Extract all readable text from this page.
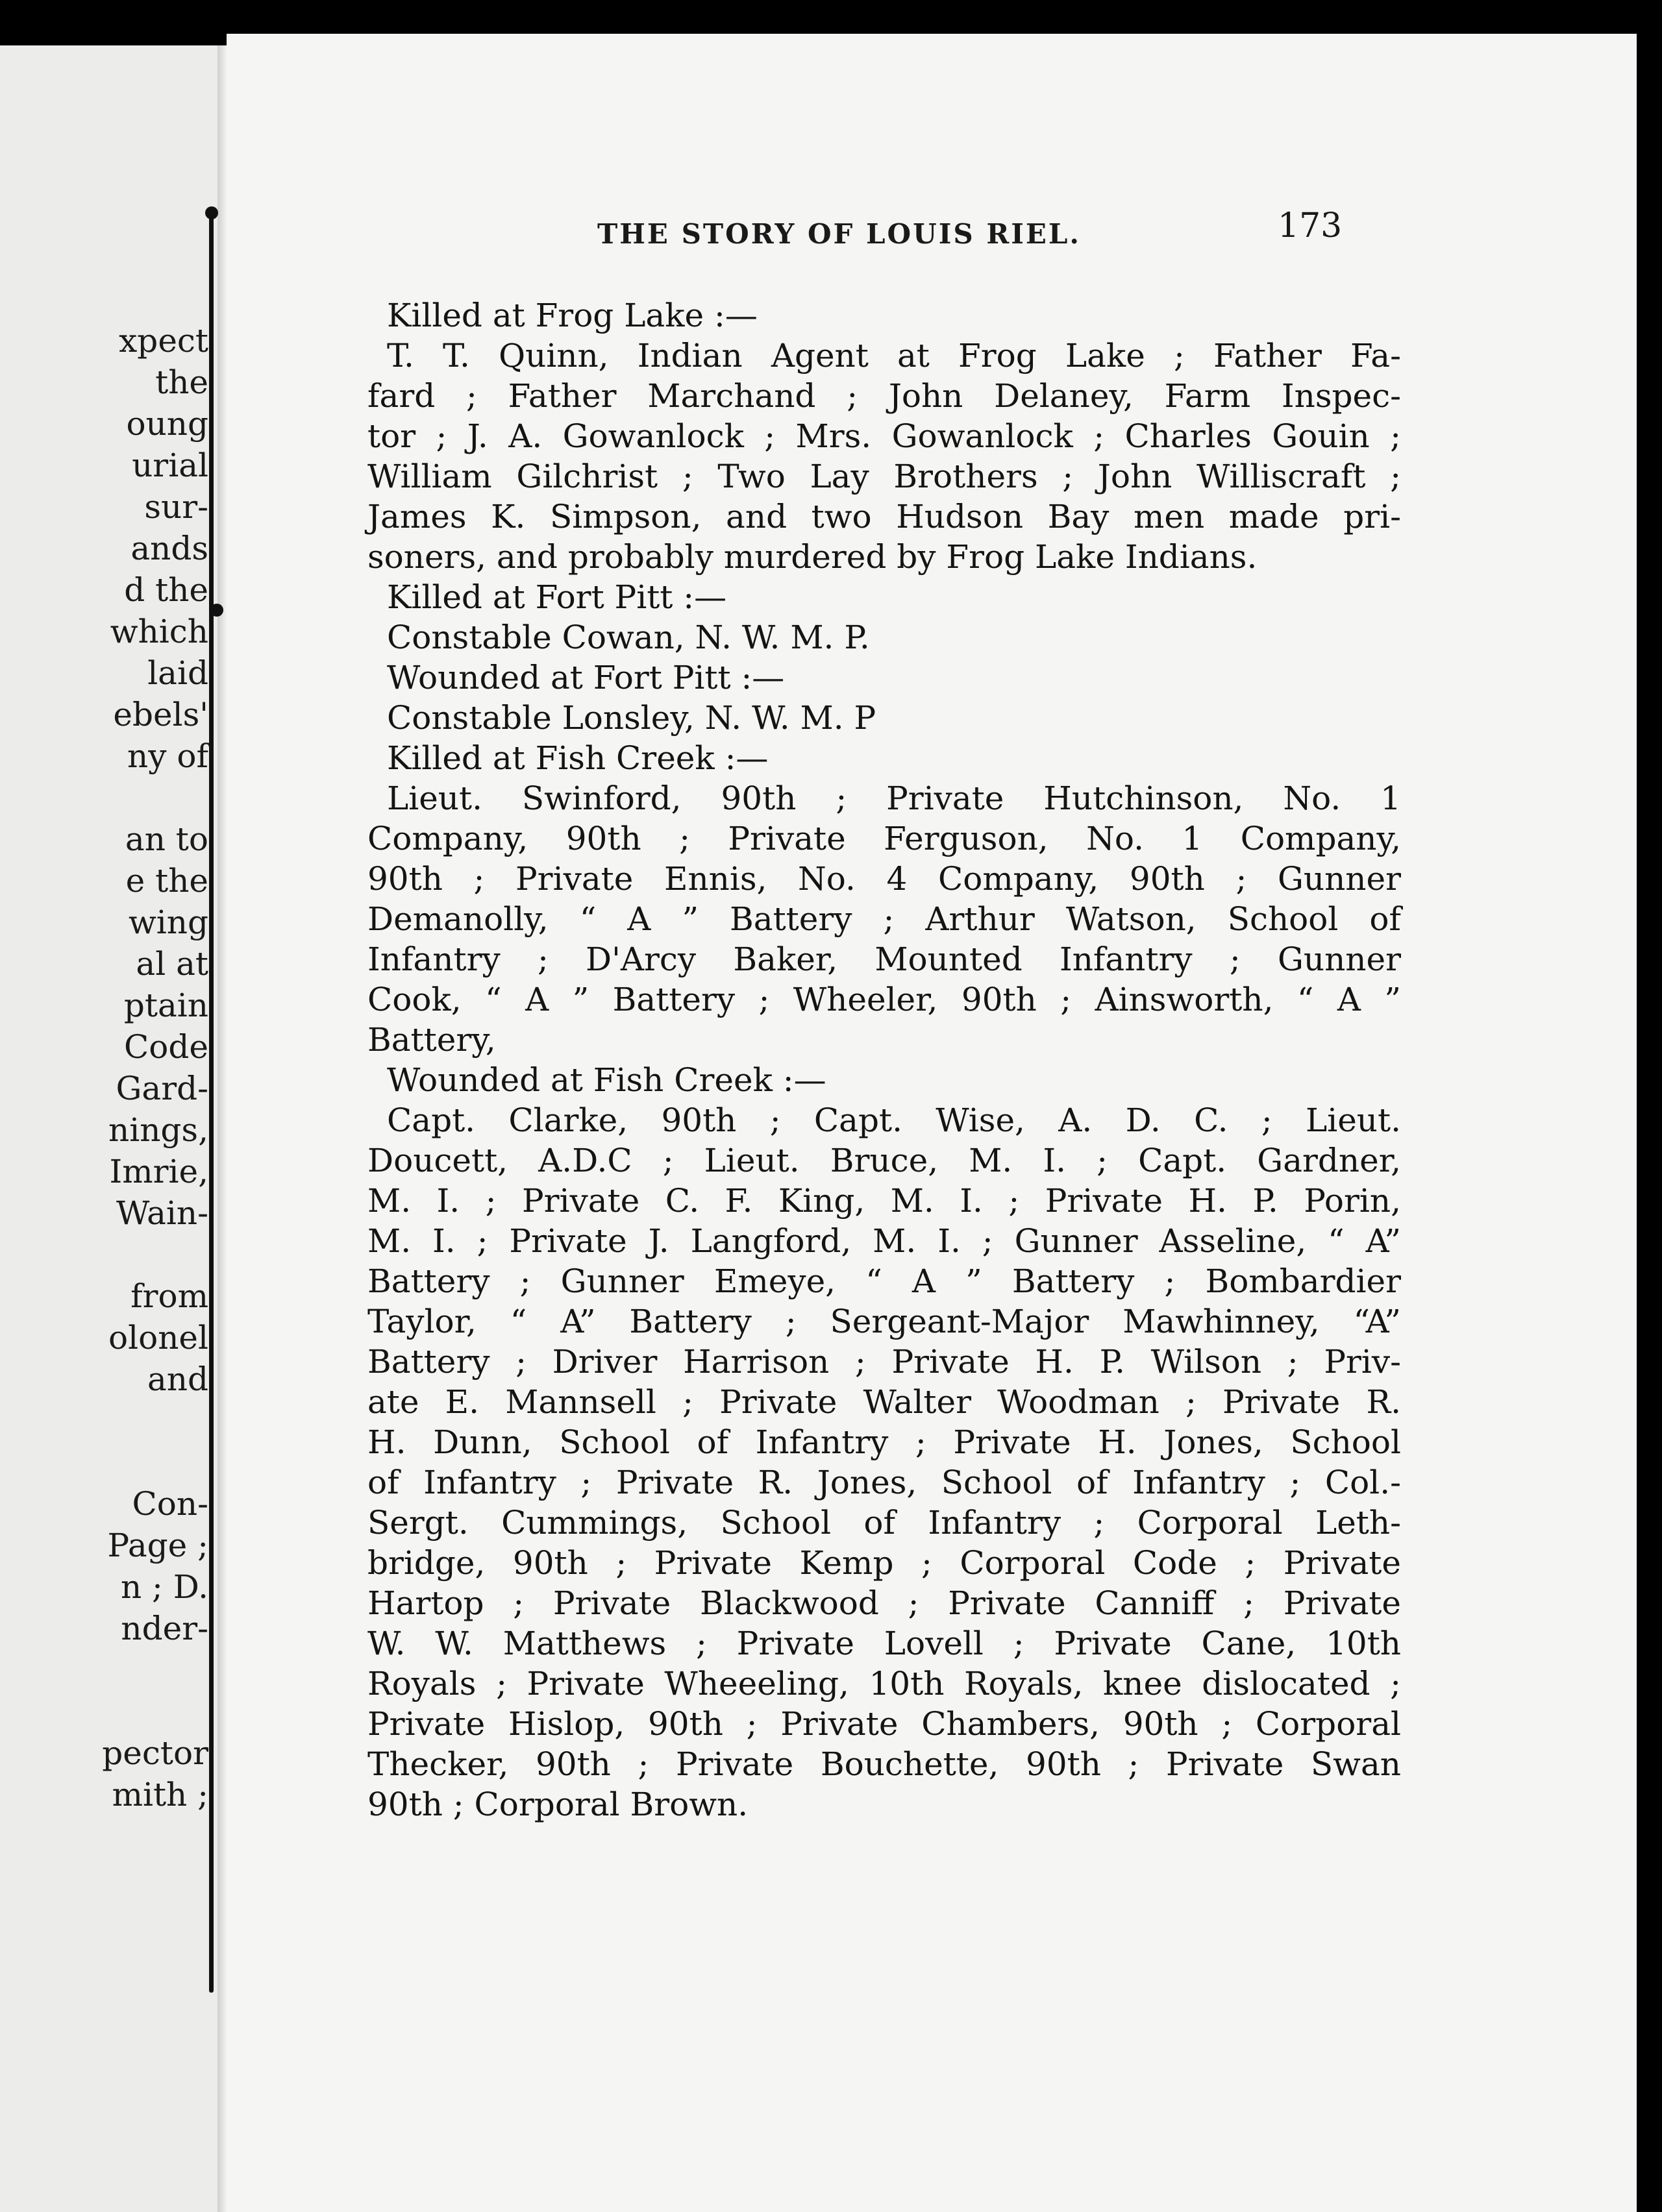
xpect
the
oung
urial
sur-
ands
d the
which
laid
ebels'
ny of
an to
e the
wing
al at
ptain
Code
Gard-
nings,
Imrie,
Wain-
from
olonel
and
Con-
Page ;
n ; D.
nder-
pector
mith ;
THE STORY OF LOUIS RIEL.	173
Killed at Frog Lake :—
T. T. Quinn, Indian Agent at Frog Lake ; Father Fa-
fard ; Father Marchand ; John Delaney, Farm Inspec-
tor ; J. A. Gowanlock ; Mrs. Gowanlock ; Charles Gouin ;
William Gilchrist ; Two Lay Brothers ; John Williscraft ;
James K. Simpson, and two Hudson Bay men made pri-
soners, and probably murdered by Frog Lake Indians.
Killed at Fort Pitt :—
Constable Cowan, N. W. M. P.
Wounded at Fort Pitt :—
Constable Lonsley, N. W. M. P
Killed at Fish Creek :—
Lieut. Swinford, 90th ; Private Hutchinson, No. 1
Company, 90th ; Private Ferguson, No. 1 Company,
90th ; Private Ennis, No. 4 Company, 90th ; Gunner
Demanolly, “ A ” Battery ; Arthur Watson, School of
Infantry ; D'Arcy Baker, Mounted Infantry ; Gunner
Cook, “ A ” Battery ; Wheeler, 90th ; Ainsworth, “ A ”
Battery,
Wounded at Fish Creek :—
Capt. Clarke, 90th ; Capt. Wise, A. D. C. ; Lieut.
Doucett, A.D.C ; Lieut. Bruce, M. I. ; Capt. Gardner,
M. I. ; Private C. F. King, M. I. ; Private H. P. Porin,
M. I. ; Private J. Langford, M. I. ; Gunner Asseline, “ A”
Battery ; Gunner Emeye, “ A ” Battery ; Bombardier
Taylor, “ A” Battery ; Sergeant-Major Mawhinney, “A”
Battery ; Driver Harrison ; Private H. P. Wilson ; Priv-
ate E. Mannsell ; Private Walter Woodman ; Private R.
H. Dunn, School of Infantry ; Private H. Jones, School
of Infantry ; Private R. Jones, School of Infantry ; Col.-
Sergt. Cummings, School of Infantry ; Corporal Leth-
bridge, 90th ; Private Kemp ; Corporal Code ; Private
Hartop ; Private Blackwood ; Private Canniff ; Private
W. W. Matthews ; Private Lovell ; Private Cane, 10th
Royals ; Private Wheeeling, 10th Royals, knee dislocated ;
Private Hislop, 90th ; Private Chambers, 90th ; Corporal
Thecker, 90th ; Private Bouchette, 90th ; Private Swan
90th ; Corporal Brown.
